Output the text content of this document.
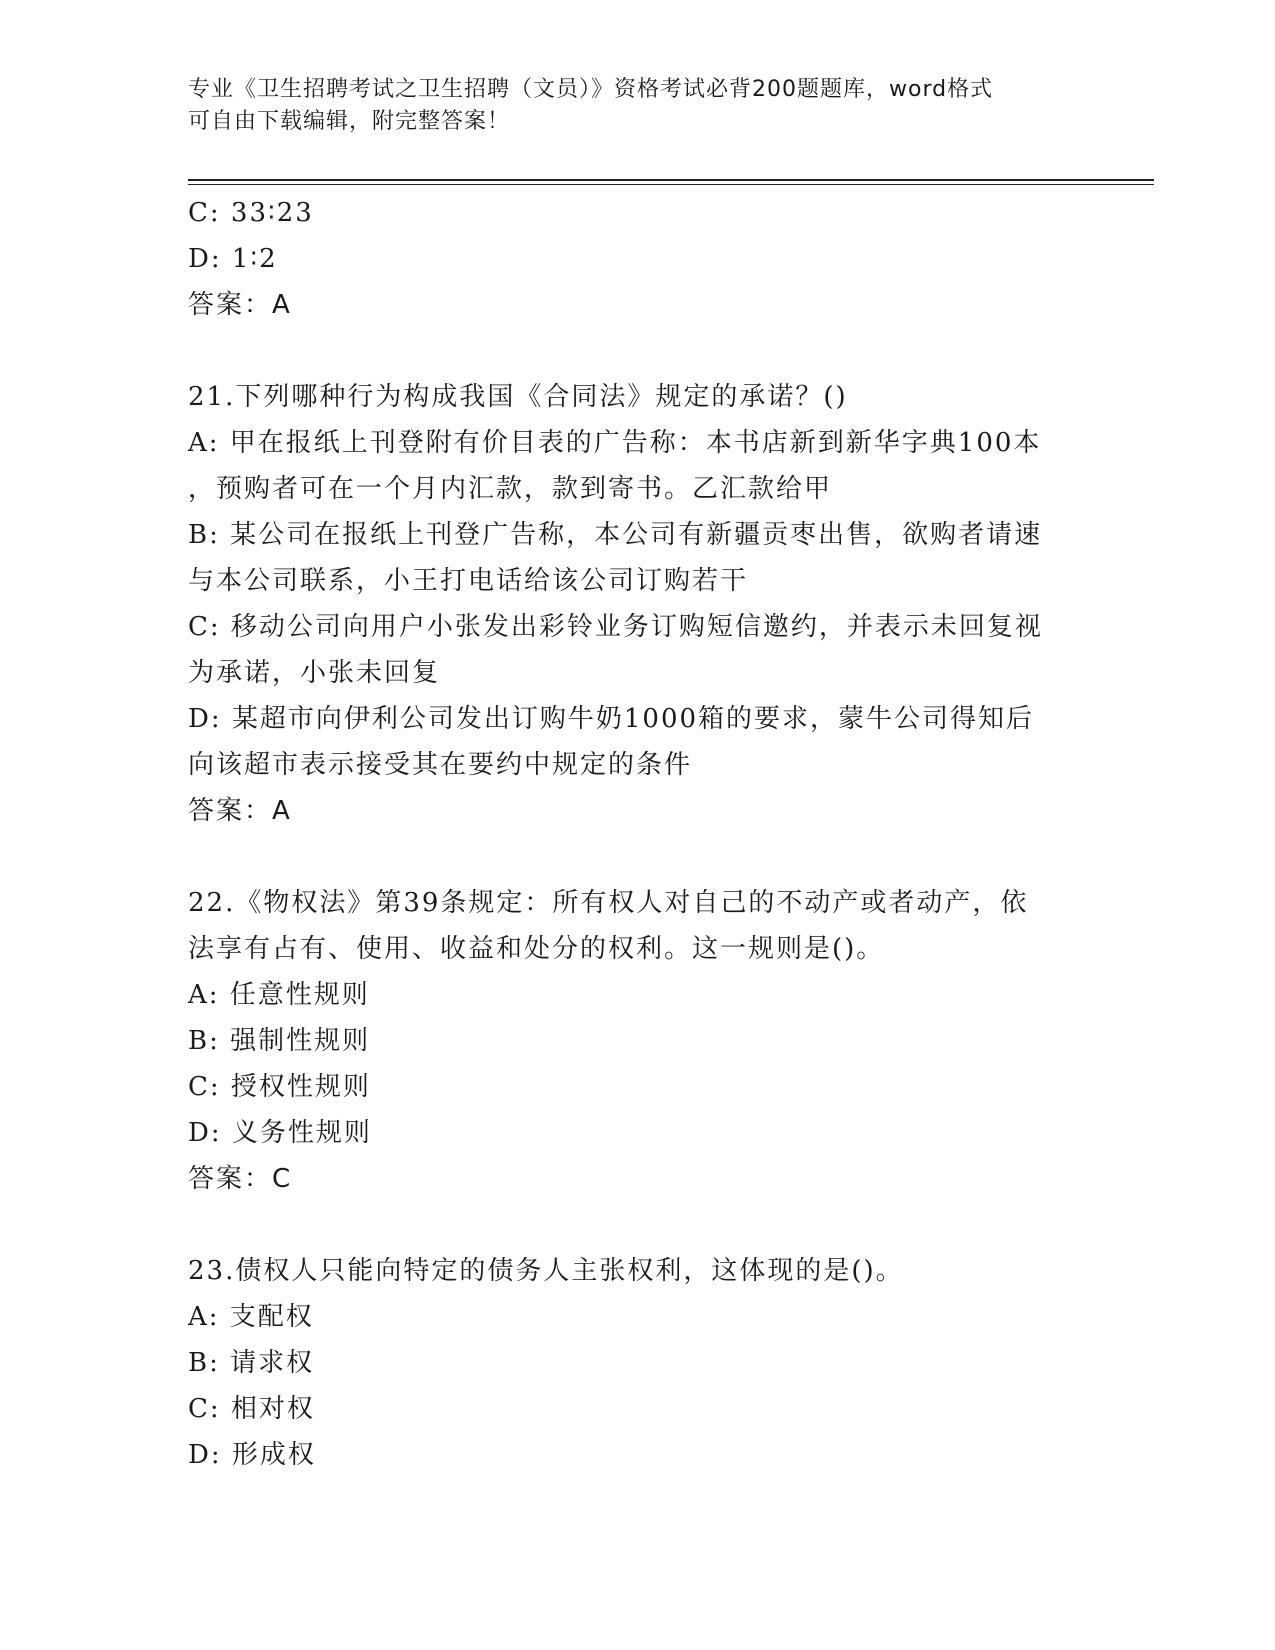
专业《卫生招聘考试之卫生招聘（文员）》资格考试必背200题题库，word格式
可自由下载编辑，附完整答案！
C: 33∶23
D: 1∶2
答案：A
21.下列哪种行为构成我国《合同法》规定的承诺？()
A: 甲在报纸上刊登附有价目表的广告称：本书店新到新华字典100本
，预购者可在一个月内汇款，款到寄书。乙汇款给甲
B: 某公司在报纸上刊登广告称，本公司有新疆贡枣出售，欲购者请速
与本公司联系，小王打电话给该公司订购若干
C: 移动公司向用户小张发出彩铃业务订购短信邀约，并表示未回复视
为承诺，小张未回复
D: 某超市向伊利公司发出订购牛奶1000箱的要求，蒙牛公司得知后
向该超市表示接受其在要约中规定的条件
答案：A
22.《物权法》第39条规定：所有权人对自己的不动产或者动产，依
法享有占有、使用、收益和处分的权利。这一规则是()。
A: 任意性规则
B: 强制性规则
C: 授权性规则
D: 义务性规则
答案：C
23.债权人只能向特定的债务人主张权利，这体现的是()。
A: 支配权
B: 请求权
C: 相对权
D: 形成权
